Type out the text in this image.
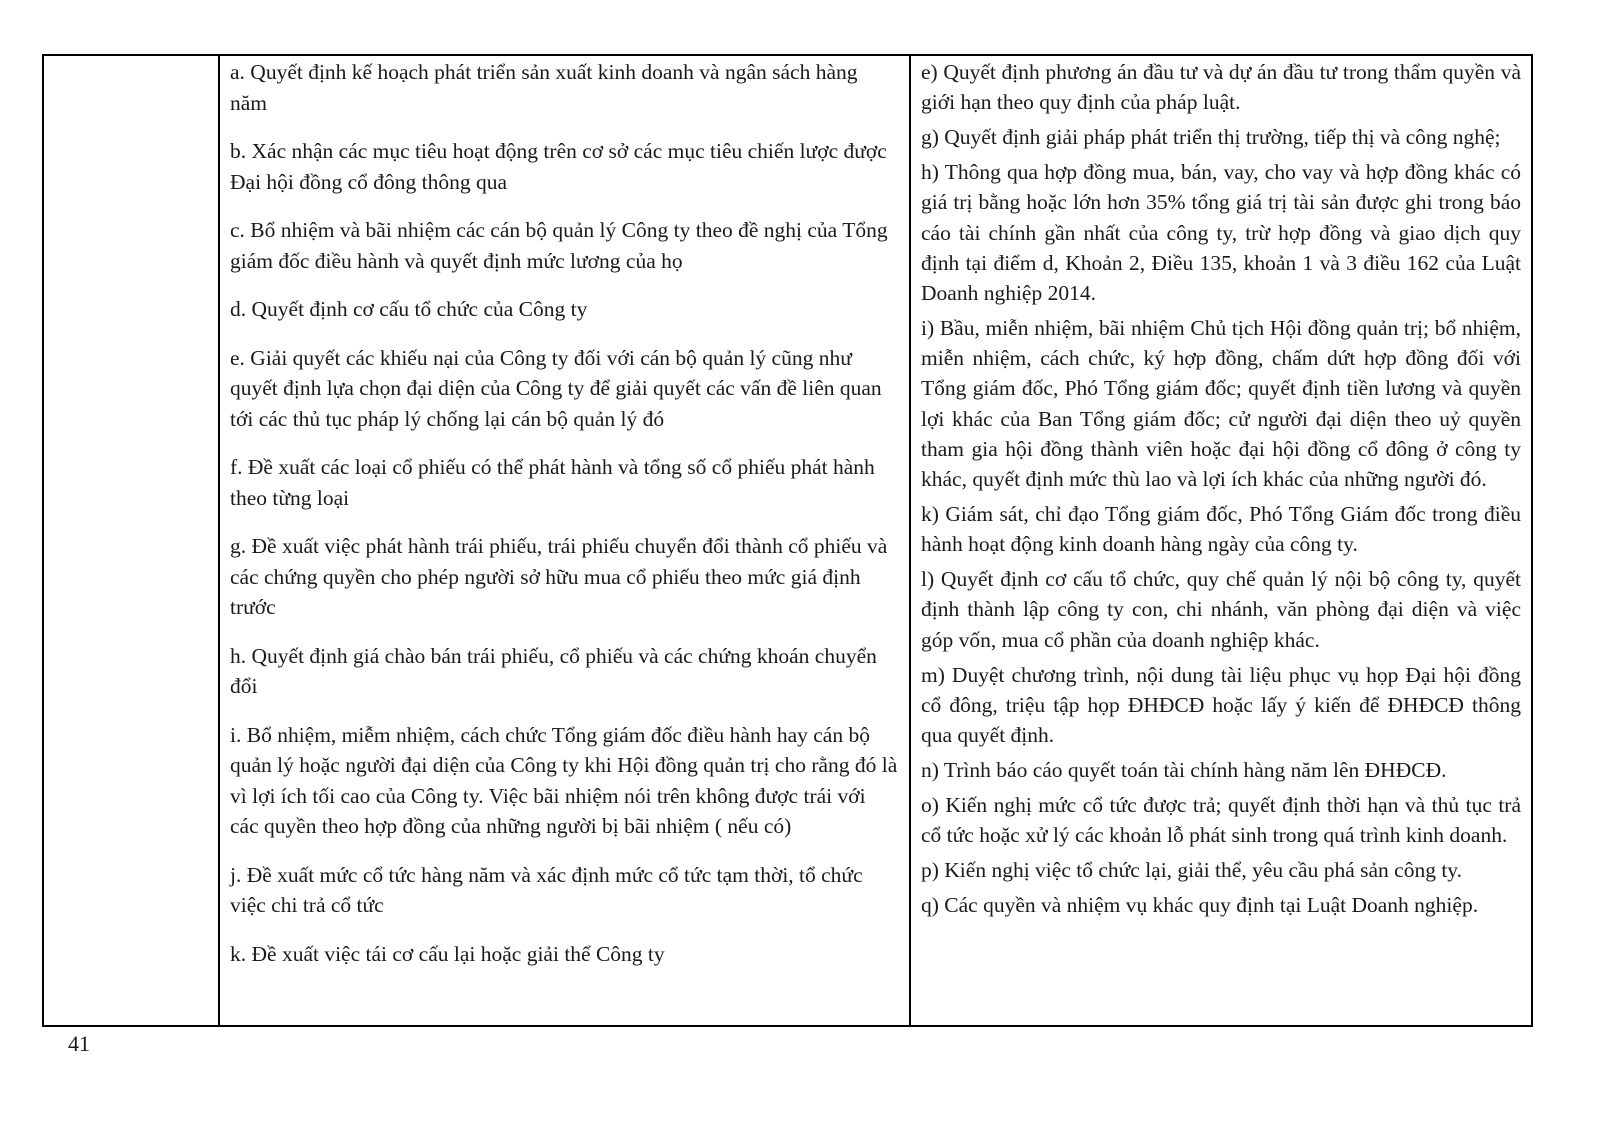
a. Quyết định kế hoạch phát triển sản xuất kinh doanh và ngân sách hàng năm

b. Xác nhận các mục tiêu hoạt động trên cơ sở các mục tiêu chiến lược được Đại hội đồng cổ đông thông qua

c. Bổ nhiệm và bãi nhiệm các cán bộ quản lý Công ty theo đề nghị của Tổng giám đốc điều hành và quyết định mức lương của họ

d. Quyết định cơ cấu tổ chức của Công ty

e. Giải quyết các khiếu nại của Công ty đối với cán bộ quản lý cũng như quyết định lựa chọn đại diện của Công ty để giải quyết các vấn đề liên quan tới các thủ tục pháp lý chống lại cán bộ quản lý đó

f. Đề xuất các loại cổ phiếu có thể phát hành và tổng số cổ phiếu phát hành theo từng loại

g. Đề xuất việc phát hành trái phiếu, trái phiếu chuyển đổi thành cổ phiếu và các chứng quyền cho phép người sở hữu mua cổ phiếu theo mức giá định trước

h. Quyết định giá chào bán trái phiếu, cổ phiếu và các chứng khoán chuyển đổi

i. Bổ nhiệm, miễm nhiệm, cách chức Tổng giám đốc điều hành hay cán bộ quản lý hoặc người đại diện của Công ty khi Hội đồng quản trị cho rằng đó là vì lợi ích tối cao của Công ty. Việc bãi nhiệm nói trên không được trái với các quyền theo hợp đồng của những người bị bãi nhiệm ( nếu có)

j. Đề xuất mức cổ tức hàng năm và xác định mức cổ tức tạm thời, tổ chức việc chi trả cổ tức

k. Đề xuất việc tái cơ cấu lại hoặc giải thể Công ty

e) Quyết định phương án đầu tư và dự án đầu tư trong thẩm quyền và giới hạn theo quy định của pháp luật.

g) Quyết định giải pháp phát triển thị trường, tiếp thị và công nghệ;

h) Thông qua hợp đồng mua, bán, vay, cho vay và hợp đồng khác có giá trị bằng hoặc lớn hơn 35% tổng giá trị tài sản được ghi trong báo cáo tài chính gần nhất của công ty, trừ hợp đồng và giao dịch quy định tại điểm d, Khoản 2, Điều 135, khoản 1 và 3 điều 162 của Luật Doanh nghiệp 2014.

i) Bầu, miễn nhiệm, bãi nhiệm Chủ tịch Hội đồng quản trị; bổ nhiệm, miễn nhiệm, cách chức, ký hợp đồng, chấm dứt hợp đồng đối với Tổng giám đốc, Phó Tổng giám đốc; quyết định tiền lương và quyền lợi khác của Ban Tổng giám đốc; cử người đại diện theo uỷ quyền tham gia hội đồng thành viên hoặc đại hội đồng cổ đông ở công ty khác, quyết định mức thù lao và lợi ích khác của những người đó.

k) Giám sát, chỉ đạo Tổng giám đốc, Phó Tổng Giám đốc trong điều hành hoạt động kinh doanh hàng ngày của công ty.

l) Quyết định cơ cấu tổ chức, quy chế quản lý nội bộ công ty, quyết định thành lập công ty con, chi nhánh, văn phòng đại diện và việc góp vốn, mua cổ phần của doanh nghiệp khác.

m) Duyệt chương trình, nội dung tài liệu phục vụ họp Đại hội đồng cổ đông, triệu tập họp ĐHĐCĐ hoặc lấy ý kiến để ĐHĐCĐ thông qua quyết định.

n) Trình báo cáo quyết toán tài chính hàng năm lên ĐHĐCĐ.

o) Kiến nghị mức cổ tức được trả; quyết định thời hạn và thủ tục trả cổ tức hoặc xử lý các khoản lỗ phát sinh trong quá trình kinh doanh.

p) Kiến nghị việc tổ chức lại, giải thể, yêu cầu phá sản công ty.

q) Các quyền và nhiệm vụ khác quy định tại Luật Doanh nghiệp.

41
